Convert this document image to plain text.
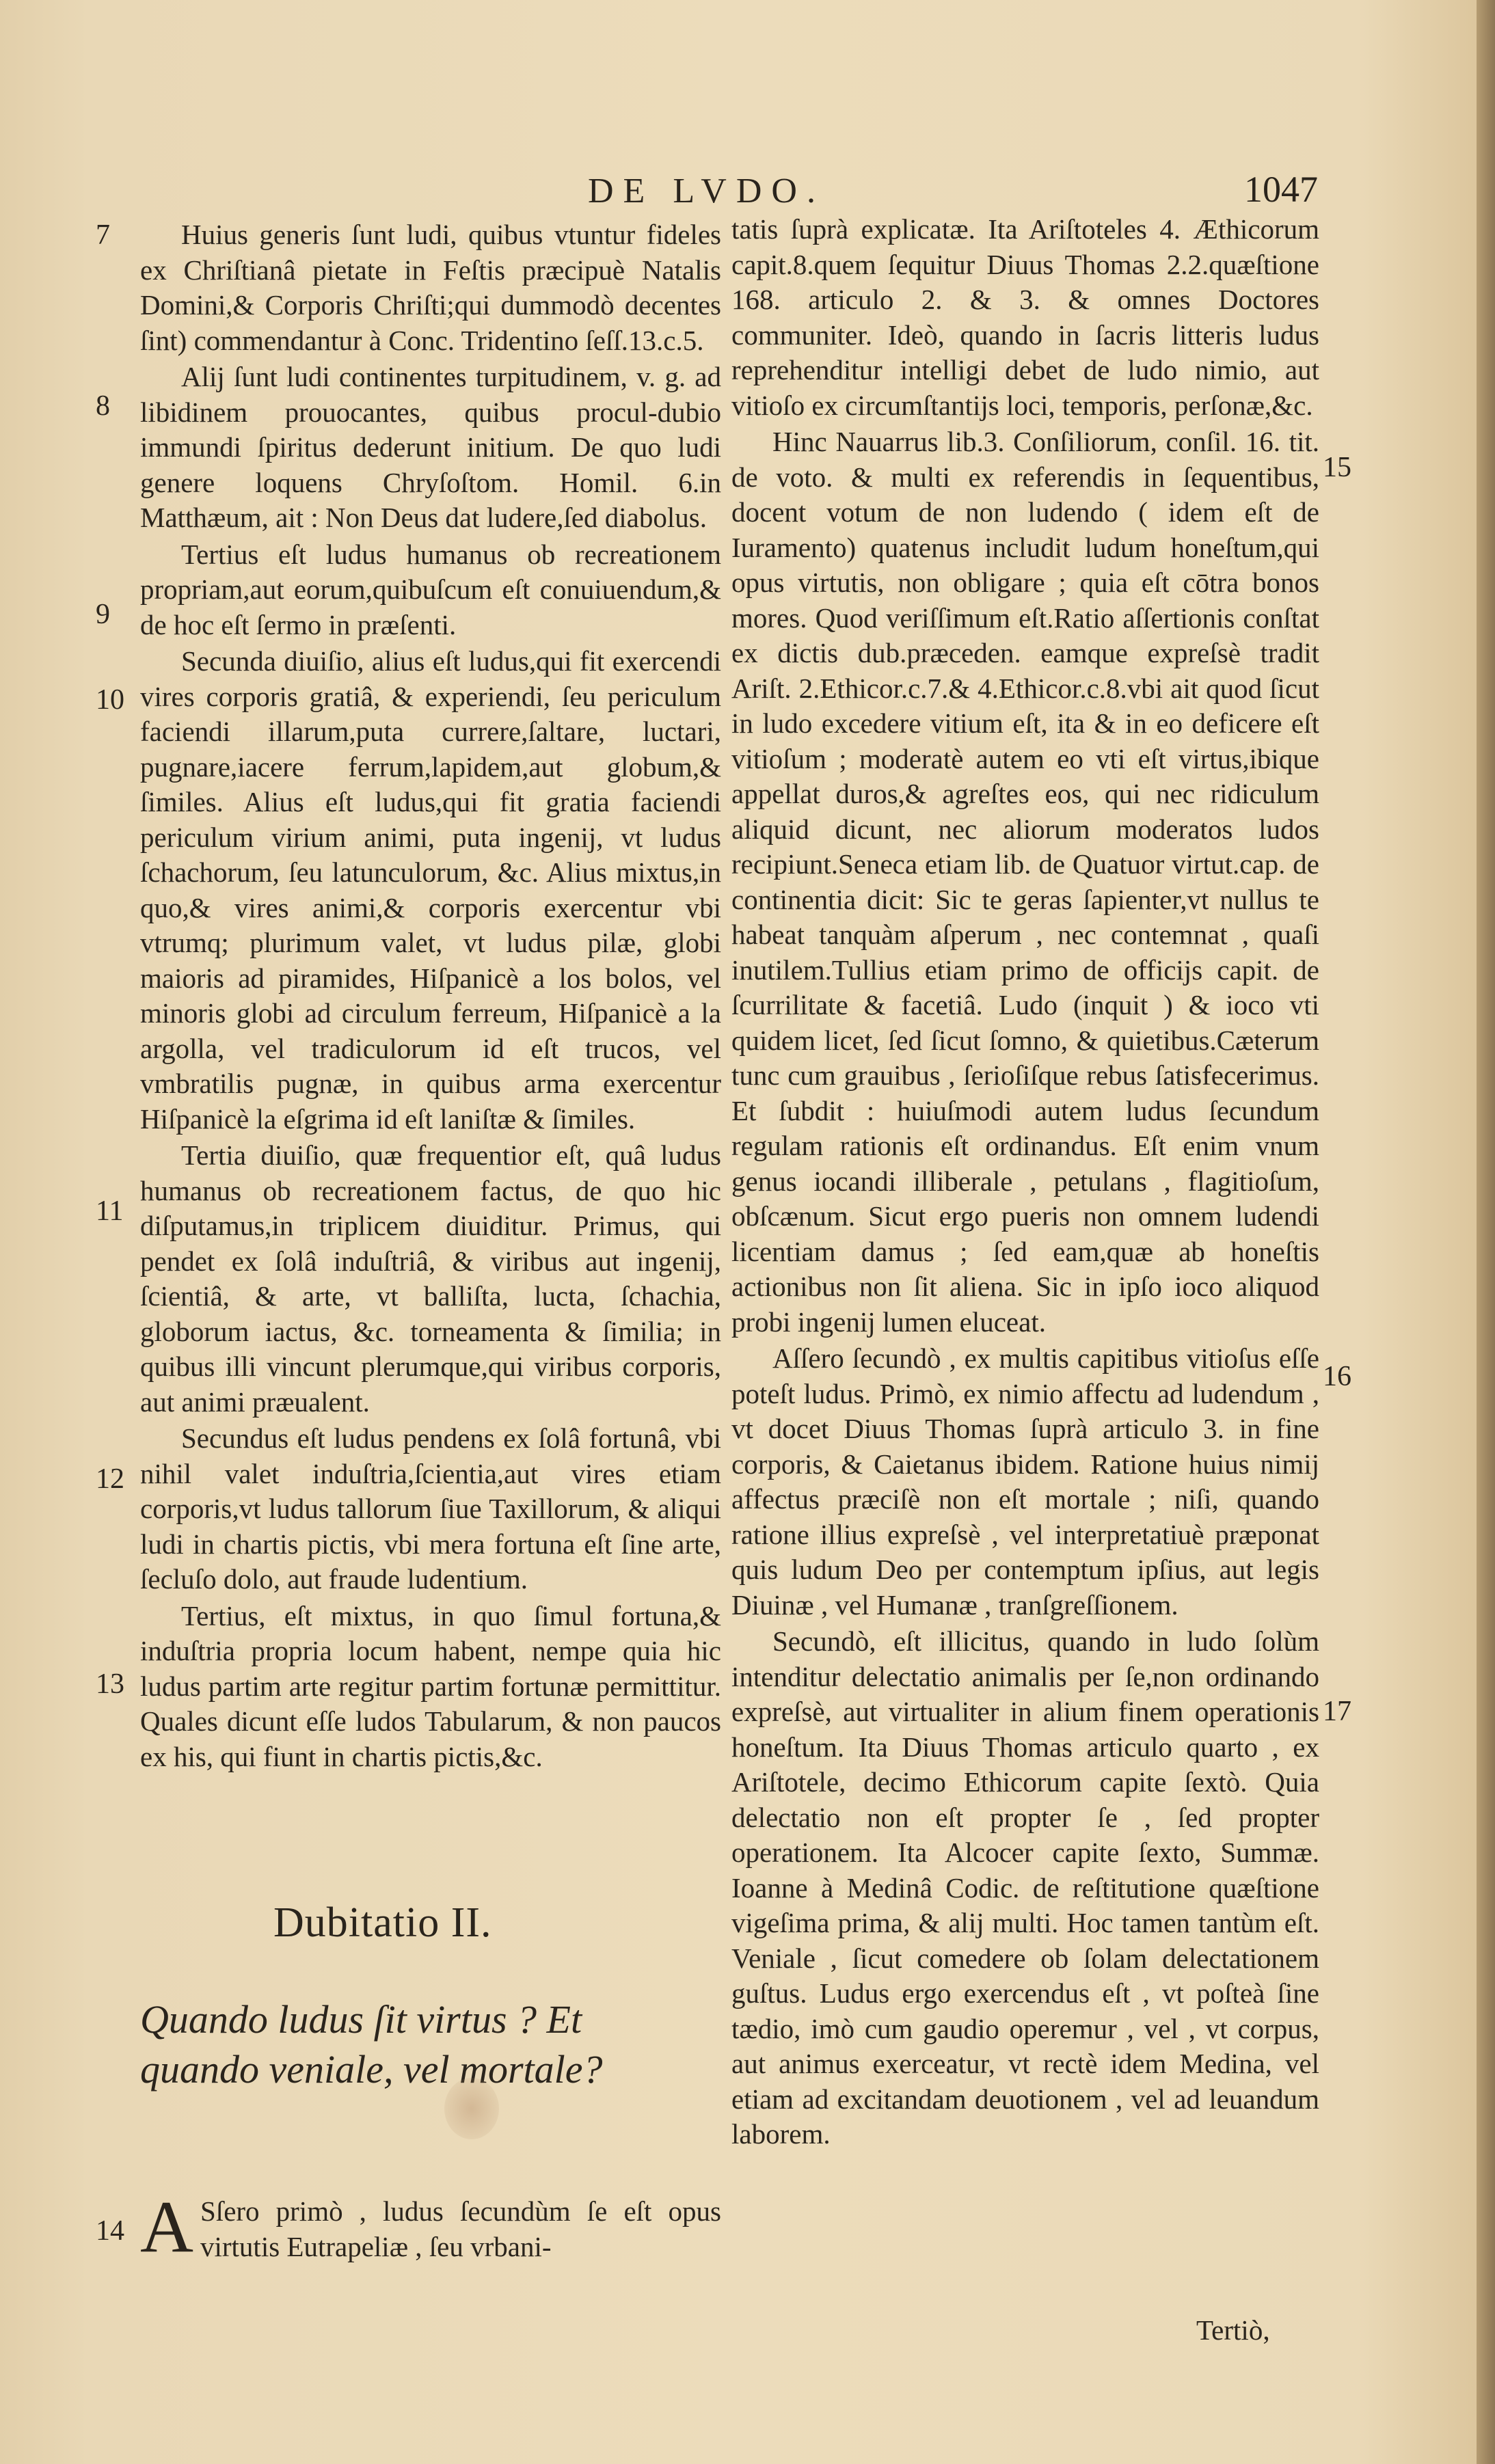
DE LVDO.	1047
7
8
9
10
11
12
13

Huius generis ſunt ludi, quibus vtuntur fideles ex Chriſtianâ pietate in Feſtis præcipuè Natalis Domini,& Corporis Chriſti;qui dummodò decentes ſint) commendantur à Conc. Tridentino ſeſſ.13.c.5.

Alij ſunt ludi continentes turpitudinem, v. g. ad libidinem prouocantes, quibus procul-dubio immundi ſpiritus dederunt initium. De quo ludi genere loquens Chryſoſtom. Homil. 6.in Matthæum, ait : Non Deus dat ludere,ſed diabolus.

Tertius eſt ludus humanus ob recreationem propriam,aut eorum,quibuſcum eſt conuiuendum,& de hoc eſt ſermo in præſenti.

Secunda diuiſio, alius eſt ludus,qui fit exercendi vires corporis gratiâ, & experiendi, ſeu periculum faciendi illarum,puta currere,ſaltare, luctari, pugnare,iacere ferrum,lapidem,aut globum,& ſimiles. Alius eſt ludus,qui fit gratia faciendi periculum virium animi, puta ingenij, vt ludus ſchachorum, ſeu latunculorum, &c. Alius mixtus,in quo,& vires animi,& corporis exercentur vbi vtrumq; plurimum valet, vt ludus pilæ, globi maioris ad piramides, Hiſpanicè a los bolos, vel minoris globi ad circulum ferreum, Hiſpanicè a la argolla, vel tradiculorum id eſt trucos, vel vmbratilis pugnæ, in quibus arma exercentur Hiſpanicè la eſgrima id eſt laniſtæ & ſimiles.

Tertia diuiſio, quæ frequentior eſt, quâ ludus humanus ob recreationem factus, de quo hic diſputamus,in triplicem diuiditur. Primus, qui pendet ex ſolâ induſtriâ, & viribus aut ingenij, ſcientiâ, & arte, vt balliſta, lucta, ſchachia, globorum iactus, &c. torneamenta & ſimilia; in quibus illi vincunt plerumque,qui viribus corporis, aut animi præualent.

Secundus eſt ludus pendens ex ſolâ fortunâ, vbi nihil valet induſtria,ſcientia,aut vires etiam corporis,vt ludus tallorum ſiue Taxillorum, & aliqui ludi in chartis pictis, vbi mera fortuna eſt ſine arte, ſecluſo dolo, aut fraude ludentium.

Tertius, eſt mixtus, in quo ſimul fortuna,& induſtria propria locum habent, nempe quia hic ludus partim arte regitur partim fortunæ permittitur. Quales dicunt eſſe ludos Tabularum, & non paucos ex his, qui fiunt in chartis pictis,&c.

Dubitatio II.
Quando ludus ſit virtus ? Et quando veniale, vel mortale?
14 A Sſero primò , ludus ſecundùm ſe eſt opus virtutis Eutrapeliæ , ſeu vrbani-
15
16
17

tatis ſuprà explicatæ. Ita Ariſtoteles 4. Æthicorum capit.8.quem ſequitur Diuus Thomas 2.2.quæſtione 168. articulo 2. & 3. & omnes Doctores communiter. Ideò, quando in ſacris litteris ludus reprehenditur intelligi debet de ludo nimio, aut vitioſo ex circumſtantijs loci, temporis, perſonæ,&c.

Hinc Nauarrus lib.3. Conſiliorum, conſil. 16. tit. de voto. & multi ex referendis in ſequentibus, docent votum de non ludendo ( idem eſt de Iuramento) quatenus includit ludum honeſtum,qui opus virtutis, non obligare ; quia eſt cōtra bonos mores. Quod veriſſimum eſt.Ratio aſſertionis conſtat ex dictis dub.præceden. eamque expreſsè tradit Ariſt. 2.Ethicor.c.7.& 4.Ethicor.c.8.vbi ait quod ſicut in ludo excedere vitium eſt, ita & in eo deficere eſt vitioſum ; moderatè autem eo vti eſt virtus,ibique appellat duros,& agreſtes eos, qui nec ridiculum aliquid dicunt, nec aliorum moderatos ludos recipiunt.Seneca etiam lib. de Quatuor virtut.cap. de continentia dicit: Sic te geras ſapienter,vt nullus te habeat tanquàm aſperum , nec contemnat , quaſi inutilem.Tullius etiam primo de officijs capit. de ſcurrilitate & facetiâ. Ludo (inquit ) & ioco vti quidem licet, ſed ſicut ſomno, & quietibus.Cæterum tunc cum grauibus , ſerioſiſque rebus ſatisfecerimus. Et ſubdit : huiuſmodi autem ludus ſecundum regulam rationis eſt ordinandus. Eſt enim vnum genus iocandi illiberale , petulans , flagitioſum, obſcænum. Sicut ergo pueris non omnem ludendi licentiam damus ; ſed eam,quæ ab honeſtis actionibus non ſit aliena. Sic in ipſo ioco aliquod probi ingenij lumen eluceat.

Aſſero ſecundò , ex multis capitibus vitioſus eſſe poteſt ludus. Primò, ex nimio affectu ad ludendum , vt docet Diuus Thomas ſuprà articulo 3. in fine corporis, & Caietanus ibidem. Ratione huius nimij affectus præciſè non eſt mortale ; niſi, quando ratione illius expreſsè , vel interpretatiuè præponat quis ludum Deo per contemptum ipſius, aut legis Diuinæ , vel Humanæ , tranſgreſſionem.

Secundò, eſt illicitus, quando in ludo ſolùm intenditur delectatio animalis per ſe,non ordinando expreſsè, aut virtualiter in alium finem operationis honeſtum. Ita Diuus Thomas articulo quarto , ex Ariſtotele, decimo Ethicorum capite ſextò. Quia delectatio non eſt propter ſe , ſed propter operationem. Ita Alcocer capite ſexto, Summæ. Ioanne à Medinâ Codic. de reſtitutione quæſtione vigeſima prima, & alij multi. Hoc tamen tantùm eſt. Veniale , ſicut comedere ob ſolam delectationem guſtus. Ludus ergo exercendus eſt , vt poſteà ſine tædio, imò cum gaudio operemur , vel , vt corpus, aut animus exerceatur, vt rectè idem Medina, vel etiam ad excitandam deuotionem , vel ad leuandum laborem.

Tertiò,
